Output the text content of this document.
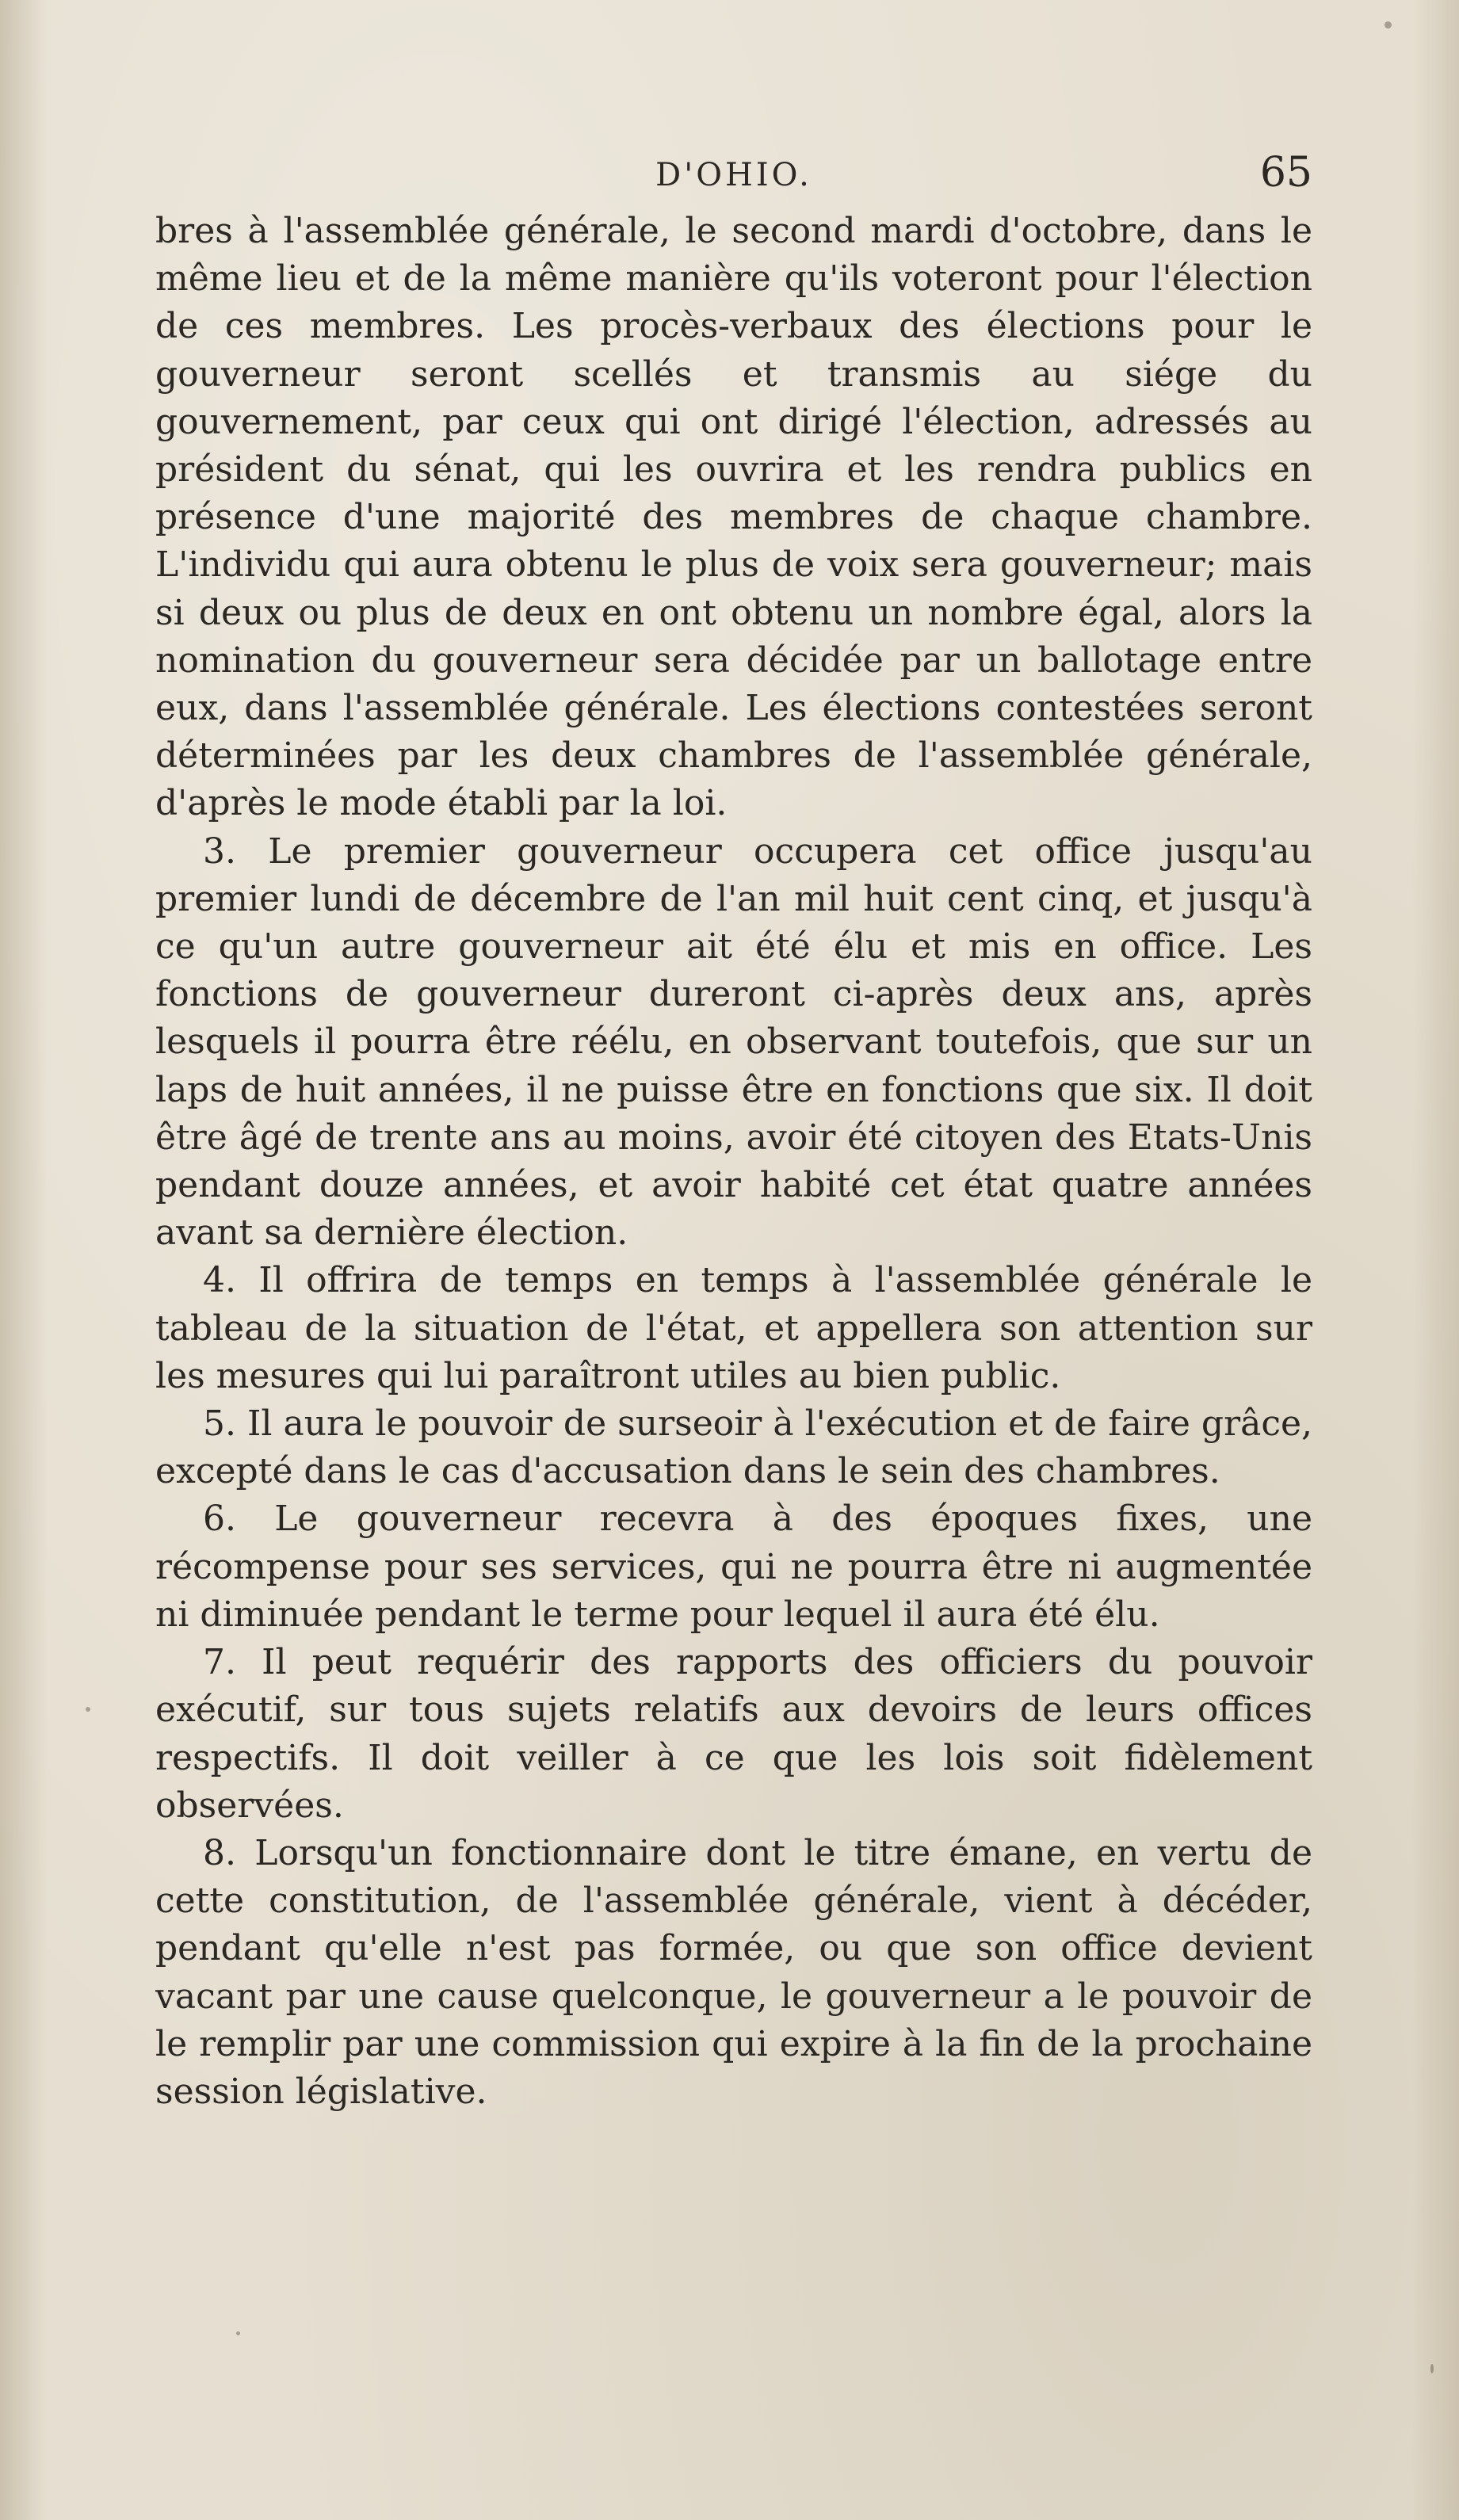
D'OHIO.	65

bres à l'assemblée générale, le second mardi d'octobre, dans le même lieu et de la même manière qu'ils voteront pour l'élection de ces membres. Les procès-verbaux des élections pour le gouverneur seront scellés et transmis au siége du gouvernement, par ceux qui ont dirigé l'élection, adressés au président du sénat, qui les ouvrira et les rendra publics en présence d'une majorité des membres de chaque chambre. L'individu qui aura obtenu le plus de voix sera gouverneur; mais si deux ou plus de deux en ont obtenu un nombre égal, alors la nomination du gouverneur sera décidée par un ballotage entre eux, dans l'assemblée générale. Les élections contestées seront déterminées par les deux chambres de l'assemblée générale, d'après le mode établi par la loi.

3. Le premier gouverneur occupera cet office jusqu'au premier lundi de décembre de l'an mil huit cent cinq, et jusqu'à ce qu'un autre gouverneur ait été élu et mis en office. Les fonctions de gouverneur dureront ci-après deux ans, après lesquels il pourra être réélu, en observant toutefois, que sur un laps de huit années, il ne puisse être en fonctions que six. Il doit être âgé de trente ans au moins, avoir été citoyen des Etats-Unis pendant douze années, et avoir habité cet état quatre années avant sa dernière élection.

4. Il offrira de temps en temps à l'assemblée générale le tableau de la situation de l'état, et appellera son attention sur les mesures qui lui paraîtront utiles au bien public.

5. Il aura le pouvoir de surseoir à l'exécution et de faire grâce, excepté dans le cas d'accusation dans le sein des chambres.

6. Le gouverneur recevra à des époques fixes, une récompense pour ses services, qui ne pourra être ni augmentée ni diminuée pendant le terme pour lequel il aura été élu.

7. Il peut requérir des rapports des officiers du pouvoir exécutif, sur tous sujets relatifs aux devoirs de leurs offices respectifs. Il doit veiller à ce que les lois soit fidèlement observées.

8. Lorsqu'un fonctionnaire dont le titre émane, en vertu de cette constitution, de l'assemblée générale, vient à décéder, pendant qu'elle n'est pas formée, ou que son office devient vacant par une cause quelconque, le gouverneur a le pouvoir de le remplir par une commission qui expire à la fin de la prochaine session législative.
